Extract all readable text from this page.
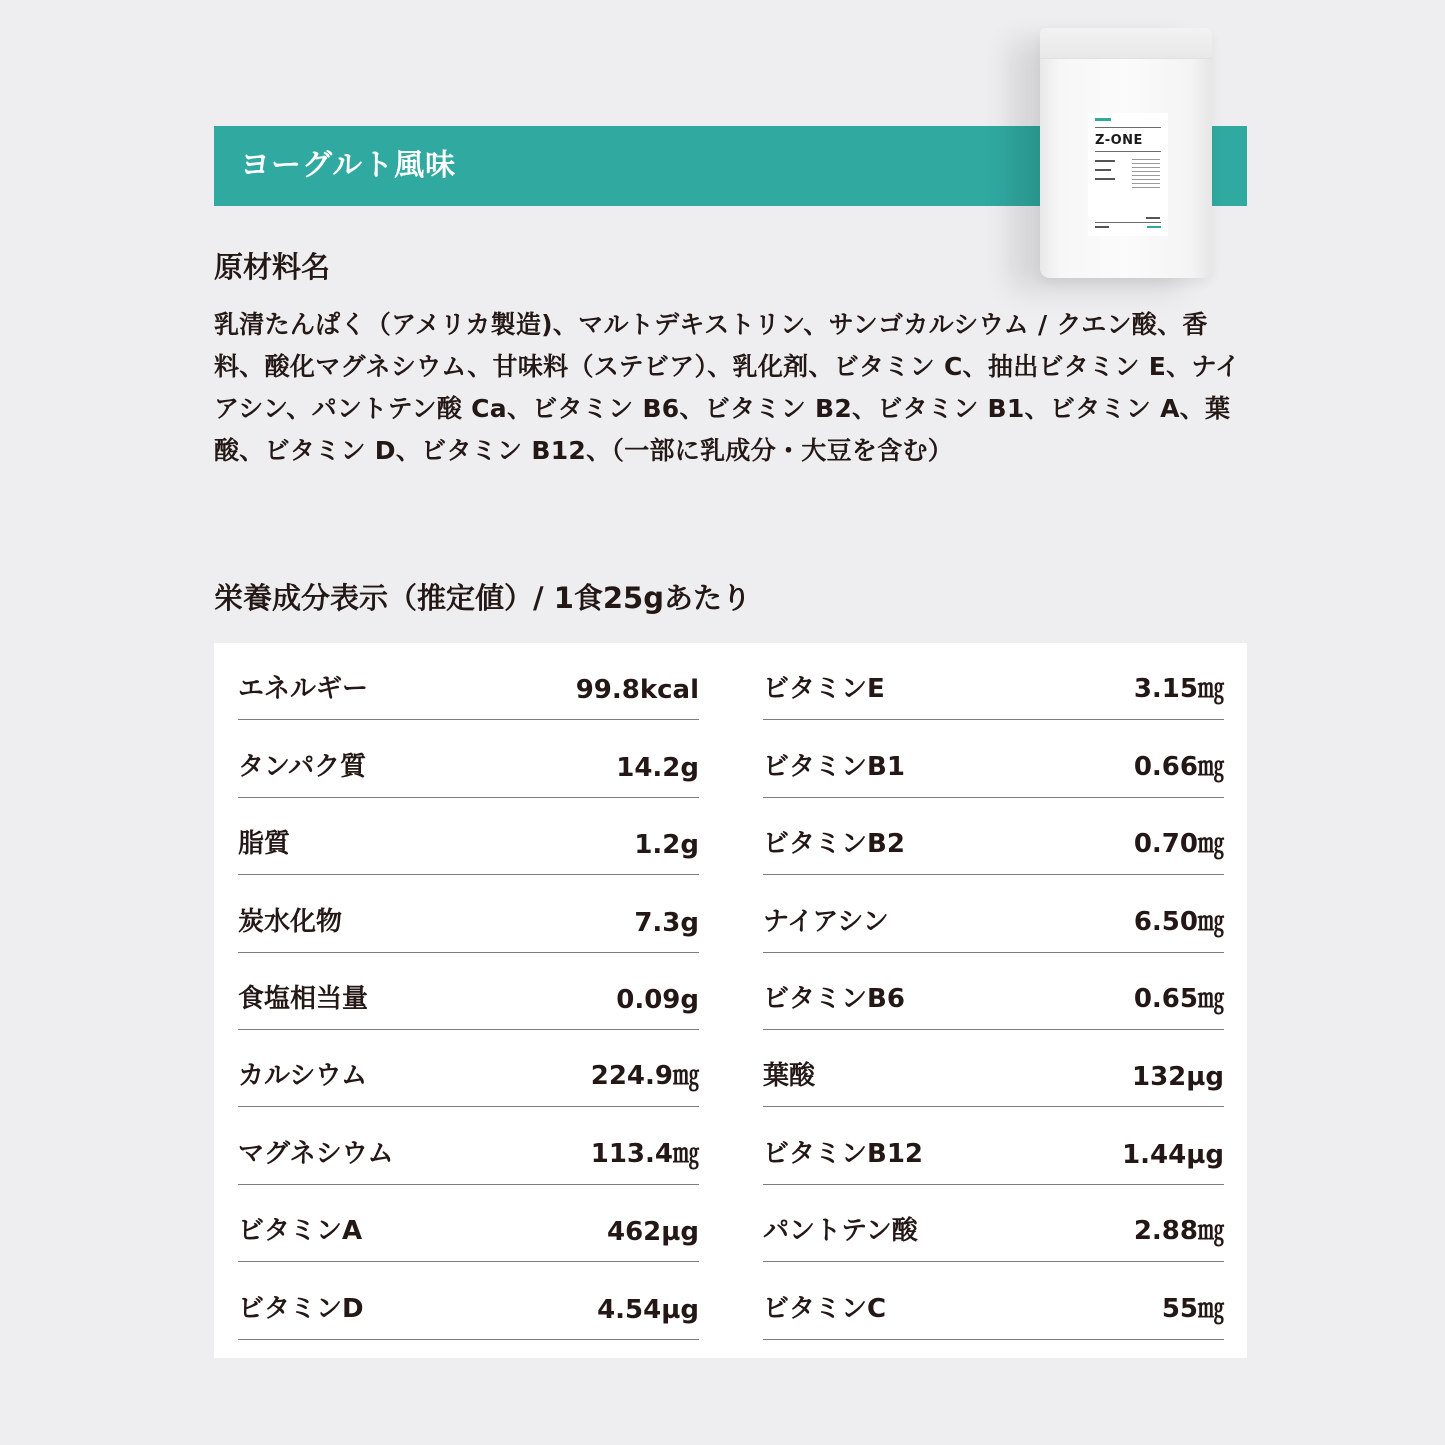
ヨーグルト風味
Z-ONE
原材料名
乳清たんぱく（アメリカ製造)、マルトデキストリン、サンゴカルシウム / クエン酸、香料、酸化マグネシウム、甘味料（ステビア）、乳化剤、ビタミン C、抽出ビタミン E、ナイアシン、パントテン酸 Ca、ビタミン B6、ビタミン B2、ビタミン B1、ビタミン A、葉酸、ビタミン D、ビタミン B12、（一部に乳成分・大豆を含む）
栄養成分表示（推定値）/ 1食25gあたり
エネルギー	99.8kcal
タンパク質	14.2g
脂質	1.2g
炭水化物	7.3g
食塩相当量	0.09g
カルシウム	224.9㎎
マグネシウム	113.4㎎
ビタミンA	462µg
ビタミンD	4.54µg
ビタミンE	3.15㎎
ビタミンB1	0.66㎎
ビタミンB2	0.70㎎
ナイアシン	6.50㎎
ビタミンB6	0.65㎎
葉酸	132µg
ビタミンB12	1.44µg
パントテン酸	2.88㎎
ビタミンC	55㎎
